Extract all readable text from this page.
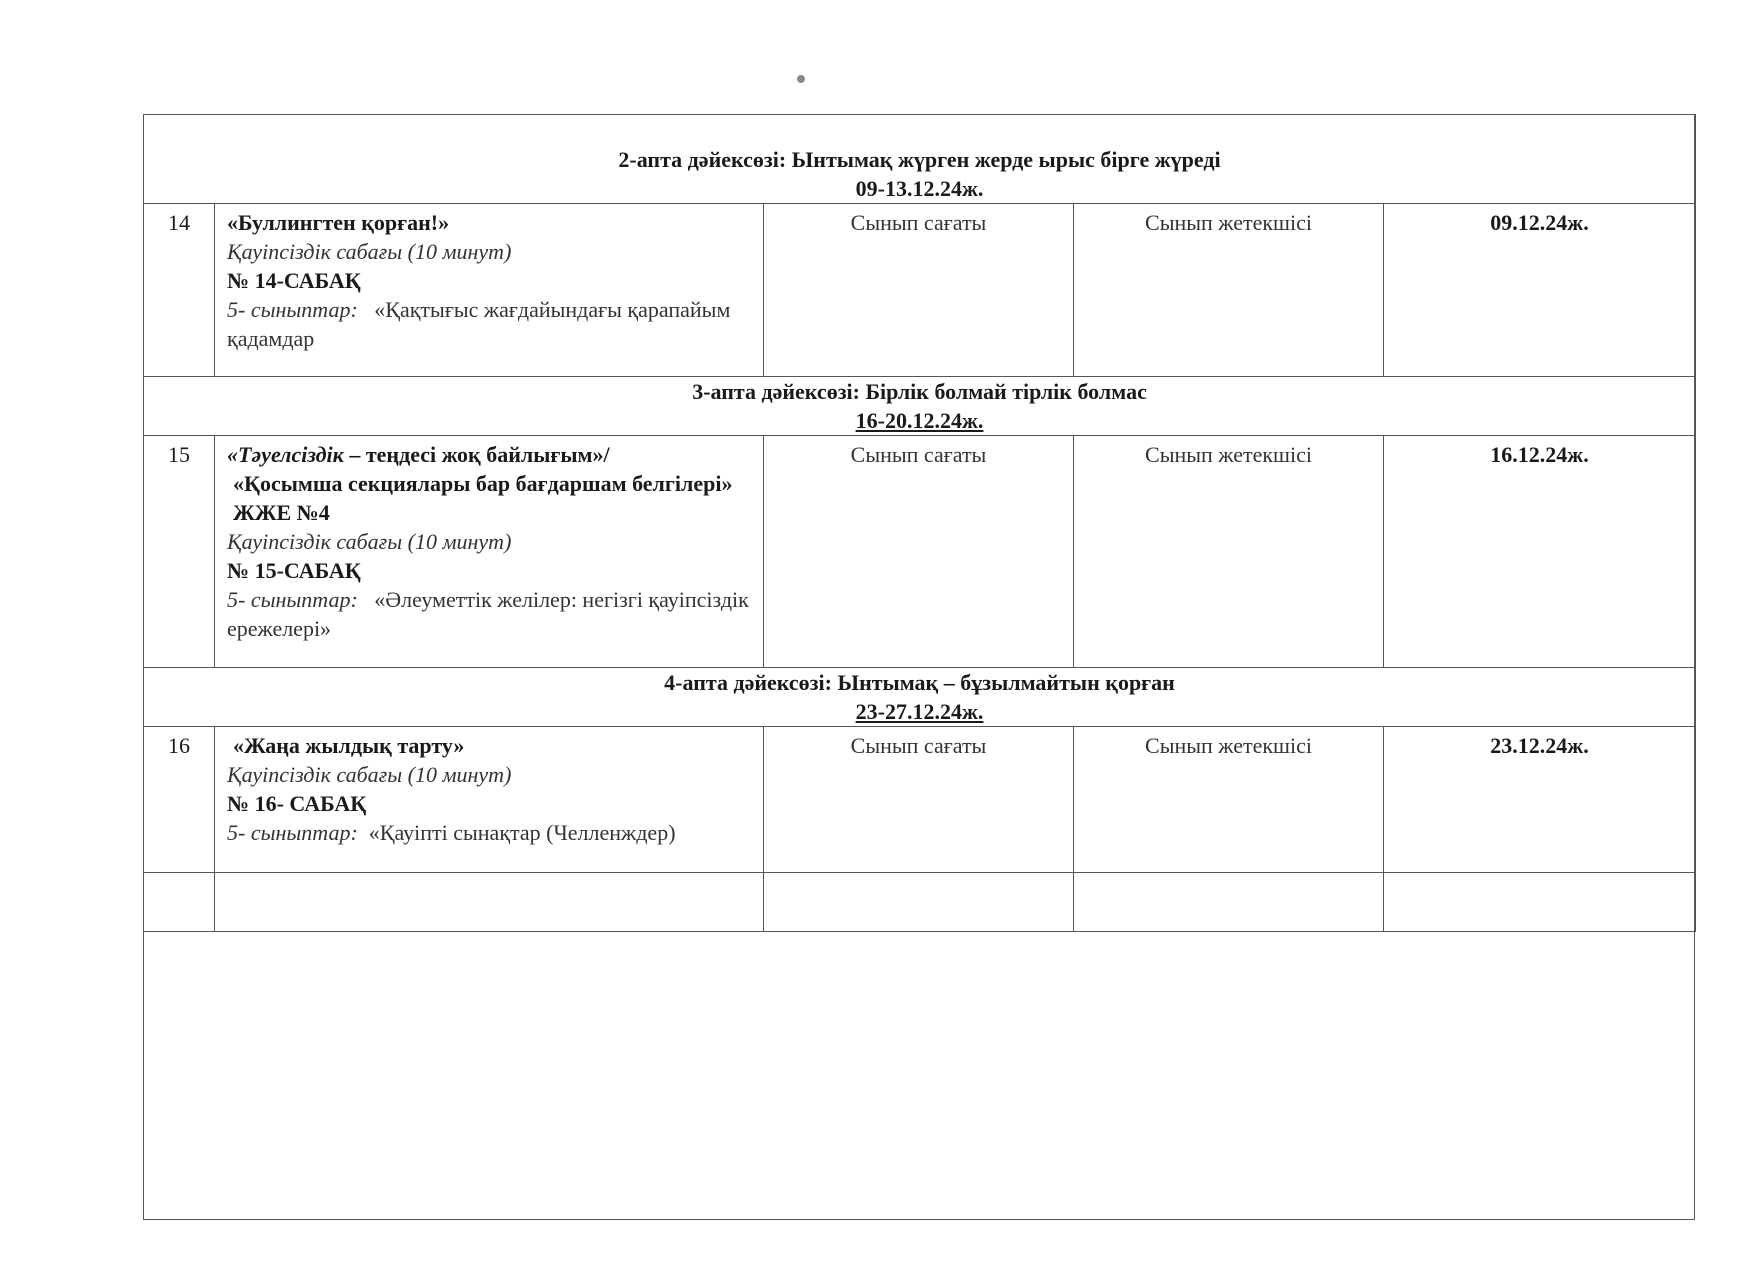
2-апта дәйексөзі: Ынтымақ жүрген жерде ырыс бірге жүреді
09-13.12.24ж.				

14	«Буллингтен қорған!»
Қауіпсіздік сабағы (10 минут)
№ 14-САБАҚ
5- сыныптар: «Қақтығыс жағдайындағы қарапайым қадамдар	Сынып сағаты	Сынып жетекшісі	09.12.24ж.

3-апта дәйексөзі: Бірлік болмай тірлік болмас
16-20.12.24ж.				

15	«Тәуелсіздік – теңдесі жоқ байлығым»/
«Қосымша секциялары бар бағдаршам белгілері» ЖЖЕ №4
Қауіпсіздік сабағы (10 минут)
№ 15-САБАҚ
5- сыныптар: «Әлеуметтік желілер: негізгі қауіпсіздік ережелері»	Сынып сағаты	Сынып жетекшісі	16.12.24ж.

4-апта дәйексөзі: Ынтымақ – бұзылмайтын қорған
23-27.12.24ж.				

16	«Жаңа жылдық тарту»
Қауіпсіздік сабағы (10 минут)
№ 16- САБАҚ
5- сыныптар: «Қауіпті сынақтар (Челленждер)	Сынып сағаты	Сынып жетекшісі	23.12.24ж.
